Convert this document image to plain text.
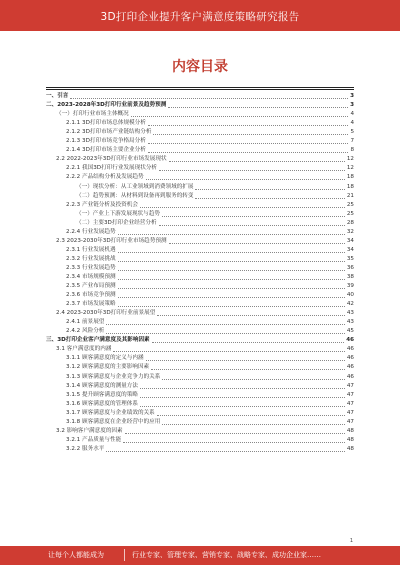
3D打印企业提升客户满意度策略研究报告
内容目录
一、引言	3
二、2023-2028年3D打印行业前景及趋势预测	3
（一）打印行业市场主体概况	4
2.1.1 3D打印市场总体规模分析	4
2.1.2 3D打印市场产业链结构分析	5
2.1.3 3D打印市场竞争格局分析	7
2.1.4 3D打印市场主要企业分析	8
2.2 2022-2023年3D打印行业市场发展现状	12
2.2.1 我国3D打印行业发展现状分析	12
2.2.2 产品结构分析及发展趋势	18
（一）现状分析：从工业领域到消费领域的扩展	18
（二）趋势预测：从材料到设备再到服务的转变	21
2.2.3 产业链分析及投资机会	25
（一）产业上下游发展现状与趋势	25
（二）主要3D打印企业经营分析	28
2.2.4 行业发展趋势	32
2.3 2023-2030年3D打印行业市场趋势预测	34
2.3.1 行业发展机遇	34
2.3.2 行业发展挑战	35
2.3.3 行业发展趋势	36
2.3.4 市场规模预测	38
2.3.5 产业布局预测	39
2.3.6 市场竞争预测	40
2.3.7 市场发展策略	42
2.4 2023-2030年3D打印行业前景展望	43
2.4.1 前景展望	43
2.4.2 风险分析	45
三、3D打印企业客户满意度及其影响因素	46
3.1 客户满意度的内涵	46
3.1.1 顾客满意度的定义与内涵	46
3.1.2 顾客满意度的主要影响因素	46
3.1.3 顾客满意度与企业竞争力的关系	46
3.1.4 顾客满意度的测量方法	47
3.1.5 提升顾客满意度的策略	47
3.1.6 顾客满意度的管理体系	47
3.1.7 顾客满意度与企业绩效的关系	47
3.1.8 顾客满意度在企业经营中的应用	47
3.2 影响客户满意度的因素	48
3.2.1 产品质量与性能	48
3.2.2 服务水平	48
1
让每个人都能成为	行业专家、管理专家、营销专家、战略专家、成功企业家……
